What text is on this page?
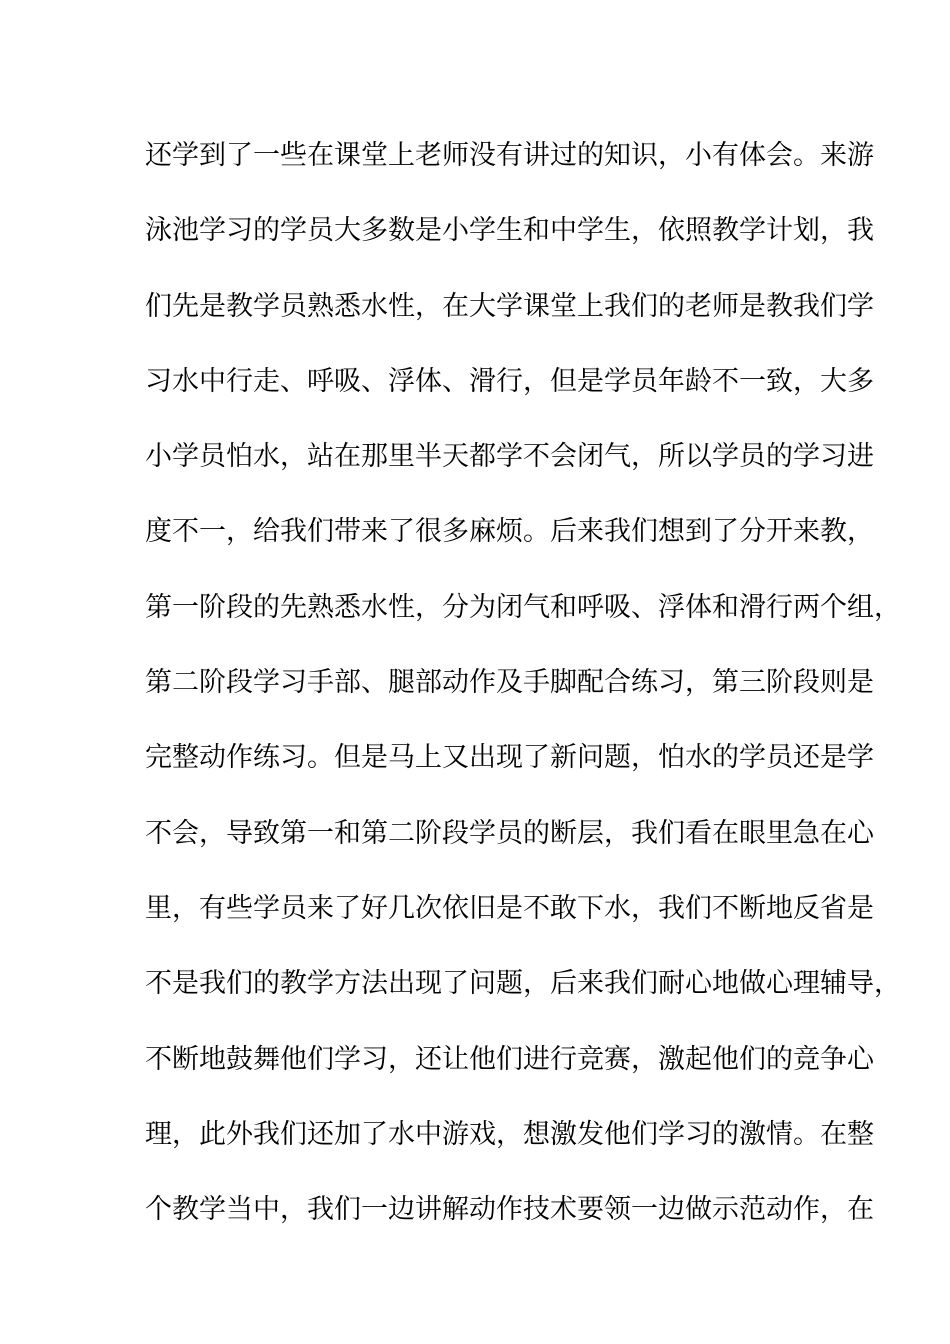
还学到了一些在课堂上老师没有讲过的知识，小有体会。来游
泳池学习的学员大多数是小学生和中学生，依照教学计划，我
们先是教学员熟悉水性，在大学课堂上我们的老师是教我们学
习水中行走、呼吸、浮体、滑行，但是学员年龄不一致，大多
小学员怕水，站在那里半天都学不会闭气，所以学员的学习进
度不一，给我们带来了很多麻烦。后来我们想到了分开来教，
第一阶段的先熟悉水性，分为闭气和呼吸、浮体和滑行两个组，
第二阶段学习手部、腿部动作及手脚配合练习，第三阶段则是
完整动作练习。但是马上又出现了新问题，怕水的学员还是学
不会，导致第一和第二阶段学员的断层，我们看在眼里急在心
里，有些学员来了好几次依旧是不敢下水，我们不断地反省是
不是我们的教学方法出现了问题，后来我们耐心地做心理辅导，
不断地鼓舞他们学习，还让他们进行竞赛，激起他们的竞争心
理，此外我们还加了水中游戏，想激发他们学习的激情。在整
个教学当中，我们一边讲解动作技术要领一边做示范动作，在
